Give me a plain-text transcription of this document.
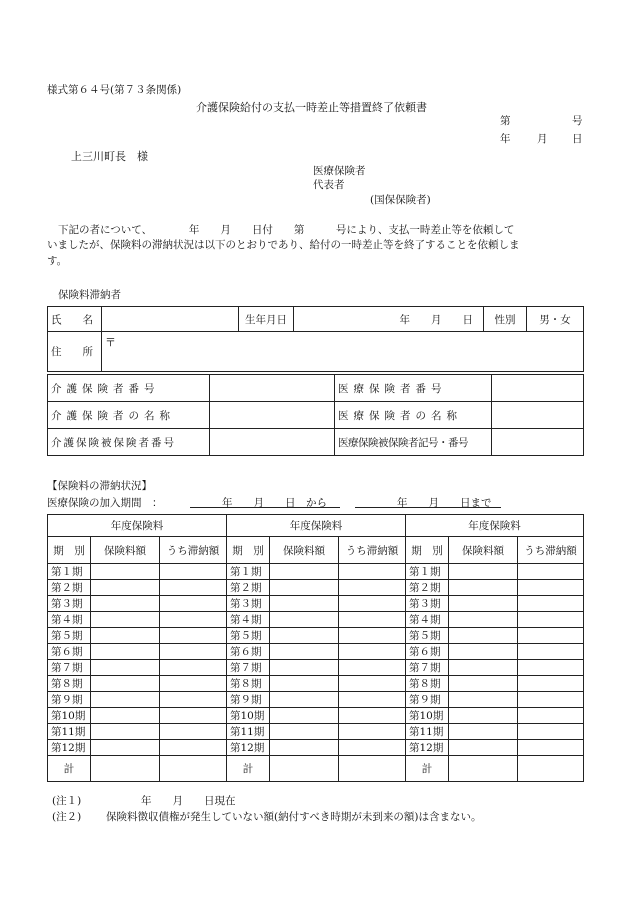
様式第６４号(第７３条関係)
介護保険給付の支払一時差止等措置終了依頼書
第	号
年	月 日
上三川町長　様
医療保険者
代表者
(国保保険者)
下記の者について、　　　　年　　月　　日付　　第　　　号により、支払一時差止等を依頼して
いましたが、保険料の滞納状況は以下のとおりであり、給付の一時差止等を終了することを依頼しま
す。
保険料滞納者
氏　　名		生年月日	年　　月　　日	性別	男・女
住　　所	〒				
介護保険者番号		医療保険者番号	
介護保険者の名称		医療保険者の名称	
介護保険被保険者番号		医療保険被保険者記号・番号	
【保険料の滞納状況】
医療保険の加入期間　：	年　　月　　日　から
	年　　月　　日まで

年度保険料			年度保険料			年度保険料		
期　別	保険料額	うち滞納額	期　別	保険料額	うち滞納額	期　別	保険料額	うち滞納額
第１期			第１期			第１期		
第２期			第２期			第２期		
第３期			第３期			第３期		
第４期			第４期			第４期		
第５期			第５期			第５期		
第６期			第６期			第６期		
第７期			第７期			第７期		
第８期			第８期			第８期		
第９期			第９期			第９期		
第10期			第10期			第10期		
第11期			第11期			第11期		
第12期			第12期			第12期		
計			計			計		
(注１)	年　　月　　日現在
(注２) 保険料徴収債権が発生していない額(納付すべき時期が未到来の額)は含まない。
